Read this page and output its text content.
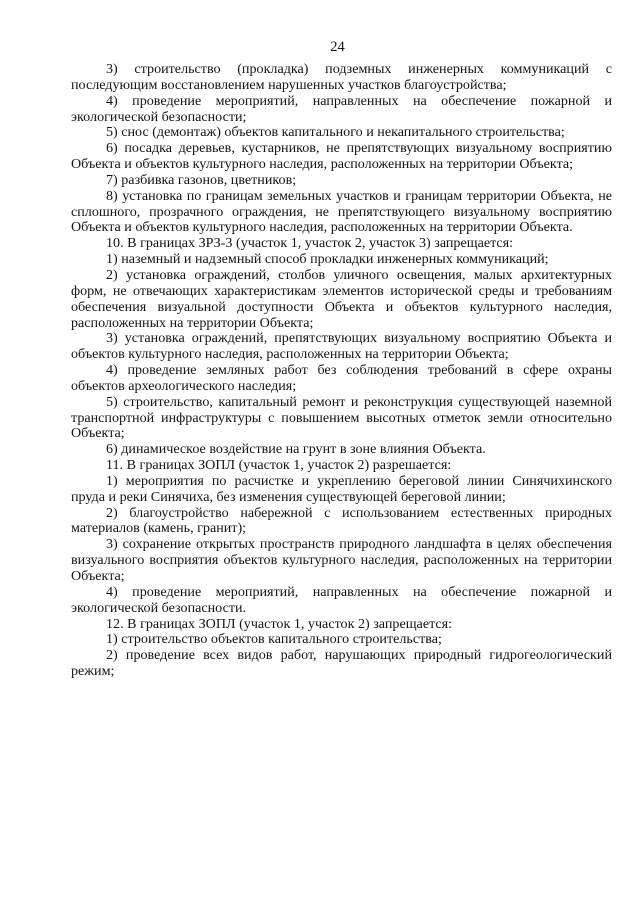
24

3) строительство (прокладка) подземных инженерных коммуникаций с последующим восстановлением нарушенных участков благоустройства;

4) проведение мероприятий, направленных на обеспечение пожарной и экологической безопасности;

5) снос (демонтаж) объектов капитального и некапитального строительства;

6) посадка деревьев, кустарников, не препятствующих визуальному восприятию Объекта и объектов культурного наследия, расположенных на территории Объекта;

7) разбивка газонов, цветников;

8) установка по границам земельных участков и границам территории Объекта, не сплошного, прозрачного ограждения, не препятствующего визуальному восприятию Объекта и объектов культурного наследия, расположенных на территории Объекта.

10. В границах ЗРЗ-3 (участок 1, участок 2, участок 3) запрещается:

1) наземный и надземный способ прокладки инженерных коммуникаций;

2) установка ограждений, столбов уличного освещения, малых архитектурных форм, не отвечающих характеристикам элементов исторической среды и требованиям обеспечения визуальной доступности Объекта и объектов культурного наследия, расположенных на территории Объекта;

3) установка ограждений, препятствующих визуальному восприятию Объекта и объектов культурного наследия, расположенных на территории Объекта;

4) проведение земляных работ без соблюдения требований в сфере охраны объектов археологического наследия;

5) строительство, капитальный ремонт и реконструкция существующей наземной транспортной инфраструктуры с повышением высотных отметок земли относительно Объекта;

6) динамическое воздействие на грунт в зоне влияния Объекта.

11. В границах ЗОПЛ (участок 1, участок 2) разрешается:

1) мероприятия по расчистке и укреплению береговой линии Синячихинского пруда и реки Синячиха, без изменения существующей береговой линии;

2) благоустройство набережной с использованием естественных природных материалов (камень, гранит);

3) сохранение открытых пространств природного ландшафта в целях обеспечения визуального восприятия объектов культурного наследия, расположенных на территории Объекта;

4) проведение мероприятий, направленных на обеспечение пожарной и экологической безопасности.

12. В границах ЗОПЛ (участок 1, участок 2) запрещается:

1) строительство объектов капитального строительства;

2) проведение всех видов работ, нарушающих природный гидрогеологический режим;
